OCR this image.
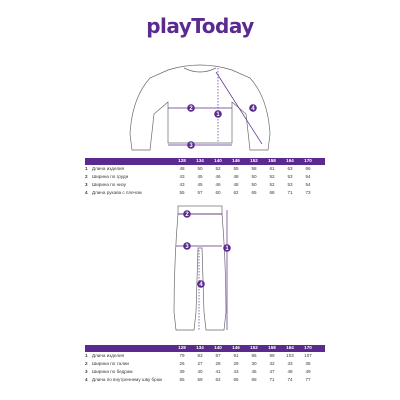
playToday
4
2
1
3
128	134	140	146	152	158	164	170
1 Длина изделия	48	50	52	55	58	61	63	66
2 Ширина по груди	43	45	46	48	50	52	53	54
3 Ширина по низу	43	45	46	48	50	52	53	54
4 Длина рукава с плечом	55	57	60	62	65	68	71	73
2
3	1
4
128	134	140	146	152	158	164	170
1 Длина изделия	79	83	87	91	95	99	103	107
2 Ширина по талии	26	27	28	29	30	32	33	35
3 Ширина по бедрам	39	40	41	43	45	47	48	49
4 Длина по внутреннему шву брюк	55	59	62	65	68	71	74	77
